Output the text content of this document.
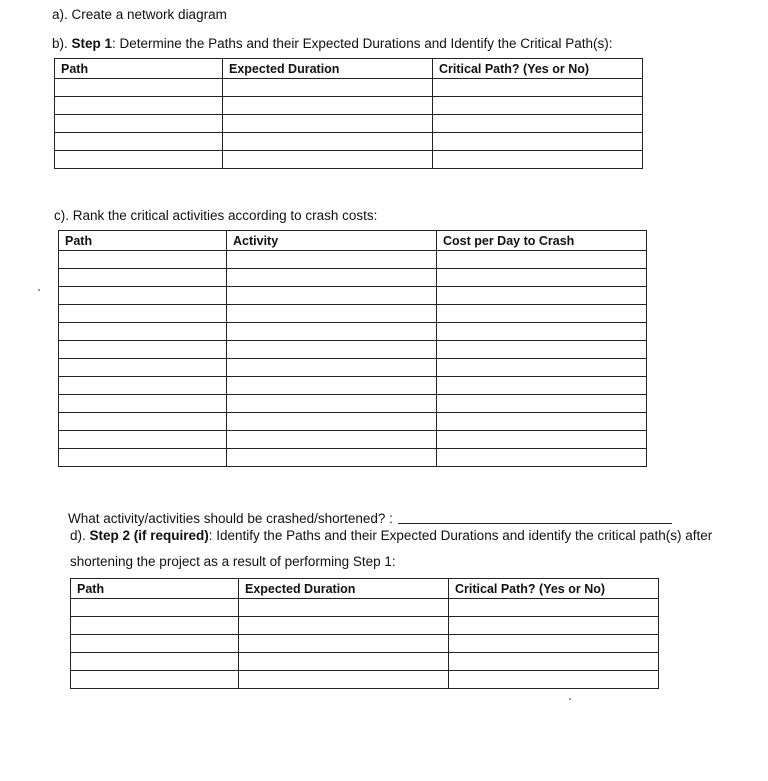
a). Create a network diagram
b). Step 1: Determine the Paths and their Expected Durations and Identify the Critical Path(s):
Path	Expected Duration	Critical Path? (Yes or No)

c). Rank the critical activities according to crash costs:
Path	Activity	Cost per Day to Crash

What activity/activities should be crashed/shortened? :
d). Step 2 (if required): Identify the Paths and their Expected Durations and identify the critical path(s) after
shortening the project as a result of performing Step 1:
Path	Expected Duration	Critical Path? (Yes or No)
